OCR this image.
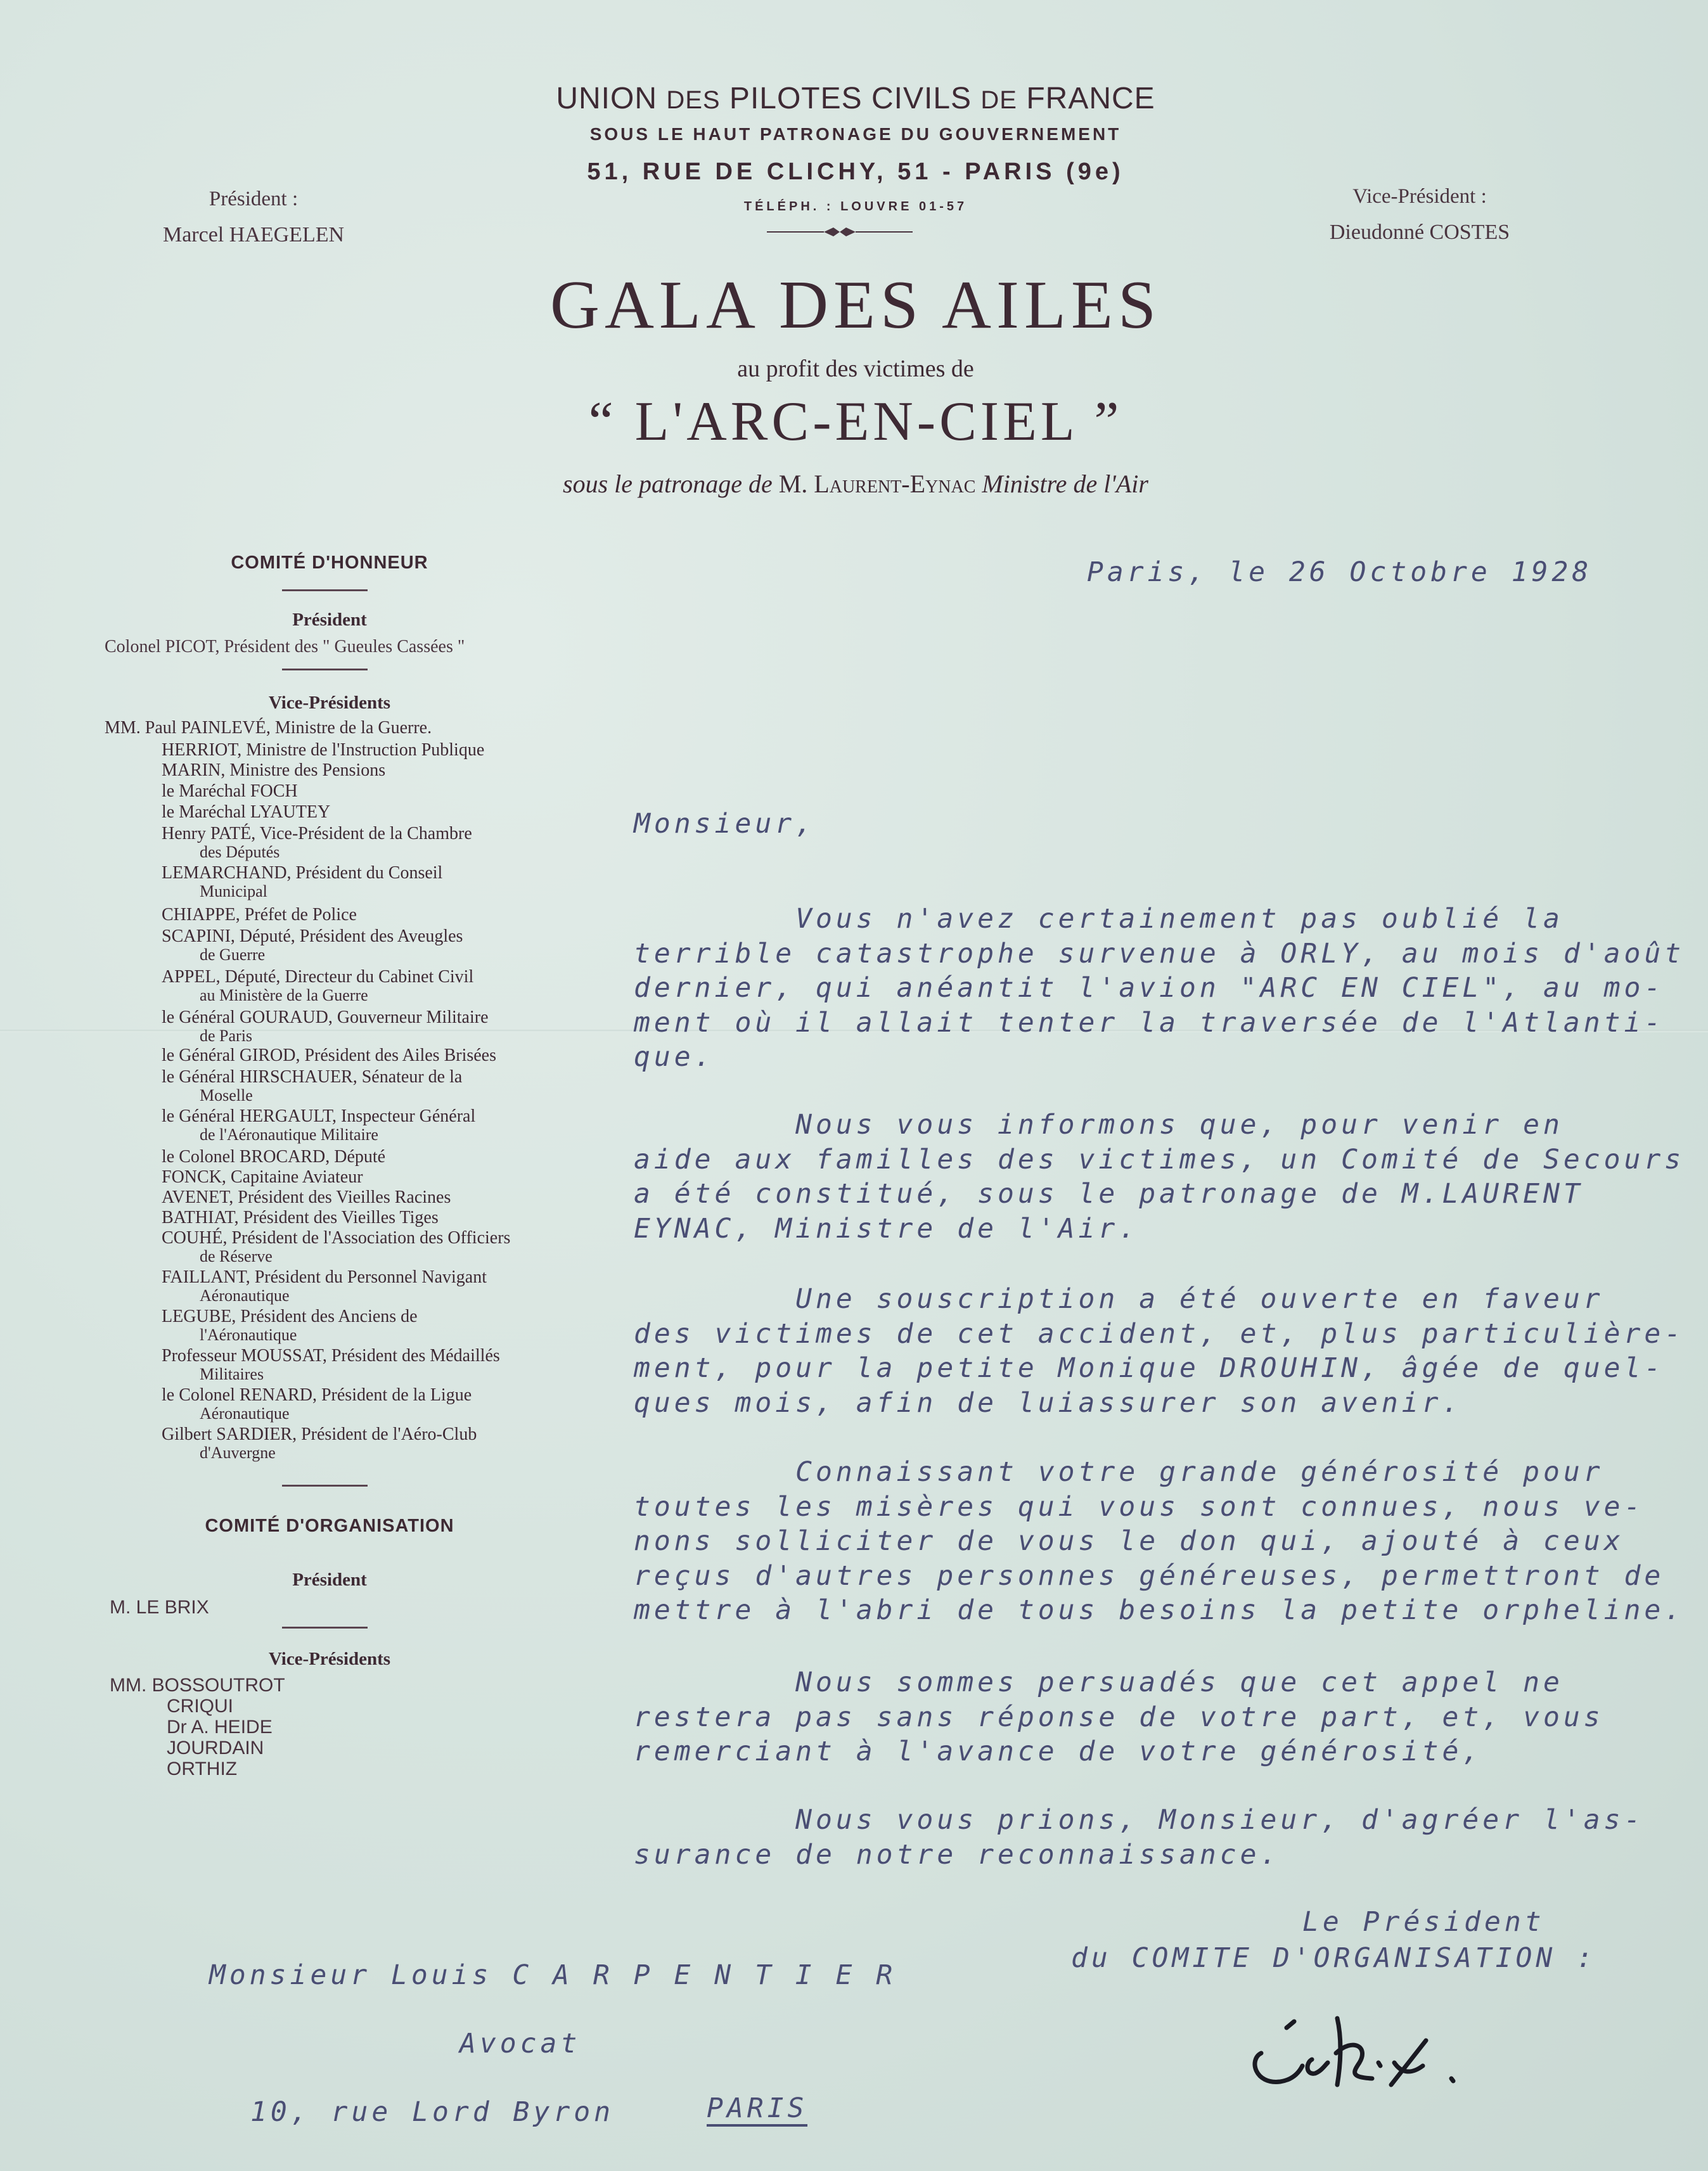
UNION DES PILOTES CIVILS DE FRANCE
SOUS LE HAUT PATRONAGE DU GOUVERNEMENT
51, RUE DE CLICHY, 51 - PARIS (9e)
TÉLÉPH. : LOUVRE 01-57
Président :
Marcel HAEGELEN
Vice-Président :
Dieudonné COSTES
GALA DES AILES
au profit des victimes de
“ L'ARC-EN-CIEL ”
sous le patronage de M. Laurent-Eynac Ministre de l'Air
COMITÉ D'HONNEUR
Président
Colonel PICOT, Président des " Gueules Cassées "
Vice-Présidents
MM. Paul PAINLEVÉ, Ministre de la Guerre.
HERRIOT, Ministre de l'Instruction Publique
MARIN, Ministre des Pensions
le Maréchal FOCH
le Maréchal LYAUTEY
Henry PATÉ, Vice-Président de la Chambre
des Députés
LEMARCHAND, Président du Conseil
Municipal
CHIAPPE, Préfet de Police
SCAPINI, Député, Président des Aveugles
de Guerre
APPEL, Député, Directeur du Cabinet Civil
au Ministère de la Guerre
le Général GOURAUD, Gouverneur Militaire
de Paris
le Général GIROD, Président des Ailes Brisées
le Général HIRSCHAUER, Sénateur de la
Moselle
le Général HERGAULT, Inspecteur Général
de l'Aéronautique Militaire
le Colonel BROCARD, Député
FONCK, Capitaine Aviateur
AVENET, Président des Vieilles Racines
BATHIAT, Président des Vieilles Tiges
COUHÉ, Président de l'Association des Officiers
de Réserve
FAILLANT, Président du Personnel Navigant
Aéronautique
LEGUBE, Président des Anciens de
l'Aéronautique
Professeur MOUSSAT, Président des Médaillés
Militaires
le Colonel RENARD, Président de la Ligue
Aéronautique
Gilbert SARDIER, Président de l'Aéro-Club
d'Auvergne
COMITÉ D'ORGANISATION
Président
M. LE BRIX
Vice-Présidents
MM. BOSSOUTROT
CRIQUI
Dr A. HEIDE
JOURDAIN
ORTHIZ
Paris, le 26 Octobre 1928
Monsieur,
Vous n'avez certainement pas oublié la
terrible catastrophe survenue à ORLY, au mois d'août
dernier, qui anéantit l'avion "ARC EN CIEL", au mo-
ment où il allait tenter la traversée de l'Atlanti-
que.
Nous vous informons que, pour venir en
aide aux familles des victimes, un Comité de Secours
a été constitué, sous le patronage de M.LAURENT
EYNAC, Ministre de l'Air.
Une souscription a été ouverte en faveur
des victimes de cet accident, et, plus particulière-
ment, pour la petite Monique DROUHIN, âgée de quel-
ques mois, afin de luiassurer son avenir.
Connaissant votre grande générosité pour
toutes les misères qui vous sont connues, nous ve-
nons solliciter de vous le don qui, ajouté à ceux
reçus d'autres personnes généreuses, permettront de
mettre à l'abri de tous besoins la petite orpheline.
Nous sommes persuadés que cet appel ne
restera pas sans réponse de votre part, et, vous
remerciant à l'avance de votre générosité,
Nous vous prions, Monsieur, d'agréer l'as-
surance de notre reconnaissance.
Le Président
du COMITE D'ORGANISATION :
Monsieur Louis C A R P E N T I E R
Avocat
10, rue Lord Byron	PARIS
